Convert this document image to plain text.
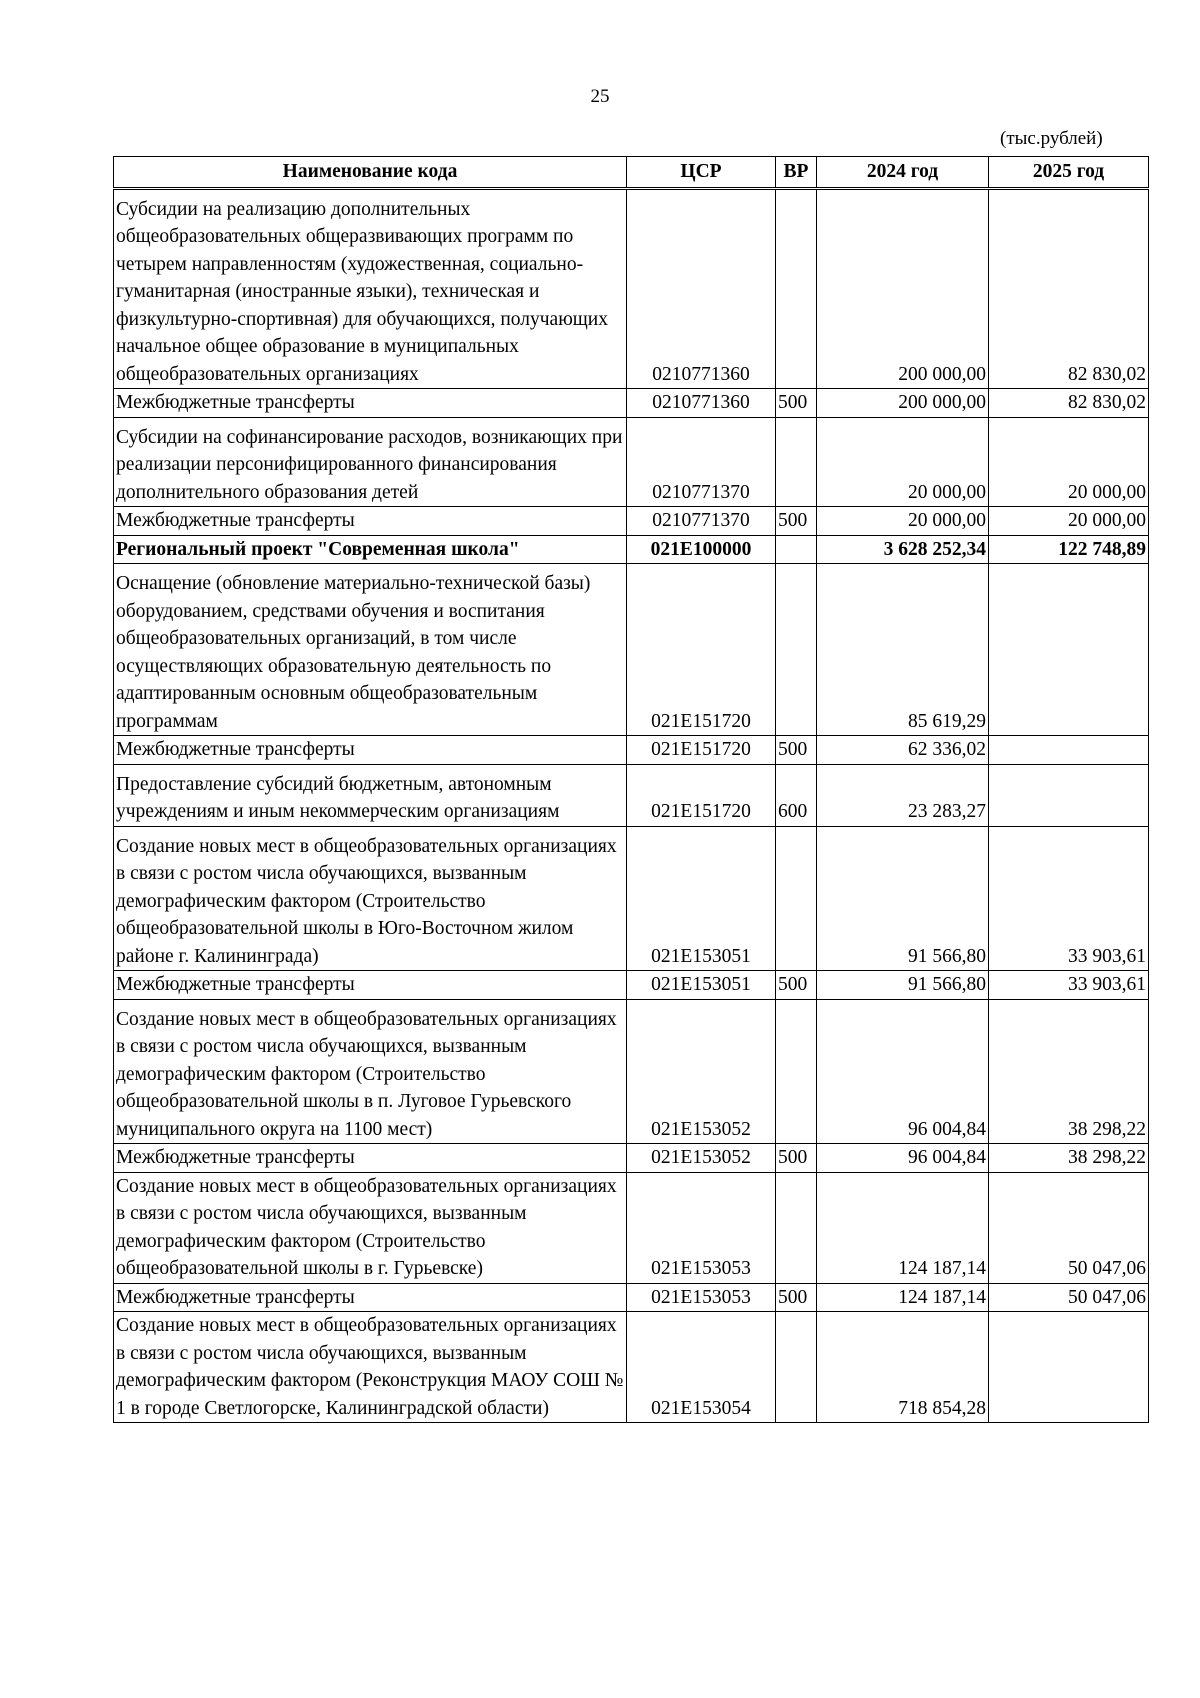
25
(тыс.рублей)
Наименование кода	ЦСР	ВР	2024 год	2025 год
Субсидии на реализацию дополнительных общеобразовательных общеразвивающих программ по четырем направленностям (художественная, социально-гуманитарная (иностранные языки), техническая и физкультурно-спортивная) для обучающихся, получающих начальное общее образование в муниципальных общеобразовательных организациях	0210771360		200 000,00	82 830,02
Межбюджетные трансферты	0210771360	500	200 000,00	82 830,02
Субсидии на софинансирование расходов, возникающих при реализации персонифицированного финансирования дополнительного образования детей	0210771370		20 000,00	20 000,00
Межбюджетные трансферты	0210771370	500	20 000,00	20 000,00
Региональный проект "Современная школа"	021E100000		3 628 252,34	122 748,89
Оснащение (обновление материально-технической базы) оборудованием, средствами обучения и воспитания общеобразовательных организаций, в том числе осуществляющих образовательную деятельность по адаптированным основным общеобразовательным программам	021E151720		85 619,29	
Межбюджетные трансферты	021E151720	500	62 336,02	
Предоставление субсидий бюджетным, автономным учреждениям и иным некоммерческим организациям	021E151720	600	23 283,27	
Создание новых мест в общеобразовательных организациях в связи с ростом числа обучающихся, вызванным демографическим фактором (Строительство общеобразовательной школы в Юго-Восточном жилом районе г. Калининграда)	021E153051		91 566,80	33 903,61
Межбюджетные трансферты	021E153051	500	91 566,80	33 903,61
Создание новых мест в общеобразовательных организациях в связи с ростом числа обучающихся, вызванным демографическим фактором (Строительство общеобразовательной школы в п. Луговое Гурьевского муниципального округа на 1100 мест)	021E153052		96 004,84	38 298,22
Межбюджетные трансферты	021E153052	500	96 004,84	38 298,22
Создание новых мест в общеобразовательных организациях в связи с ростом числа обучающихся, вызванным демографическим фактором (Строительство общеобразовательной школы в г. Гурьевске)	021E153053		124 187,14	50 047,06
Межбюджетные трансферты	021E153053	500	124 187,14	50 047,06
Создание новых мест в общеобразовательных организациях в связи с ростом числа обучающихся, вызванным демографическим фактором (Реконструкция МАОУ СОШ № 1 в городе Светлогорске, Калининградской области)	021E153054		718 854,28	
